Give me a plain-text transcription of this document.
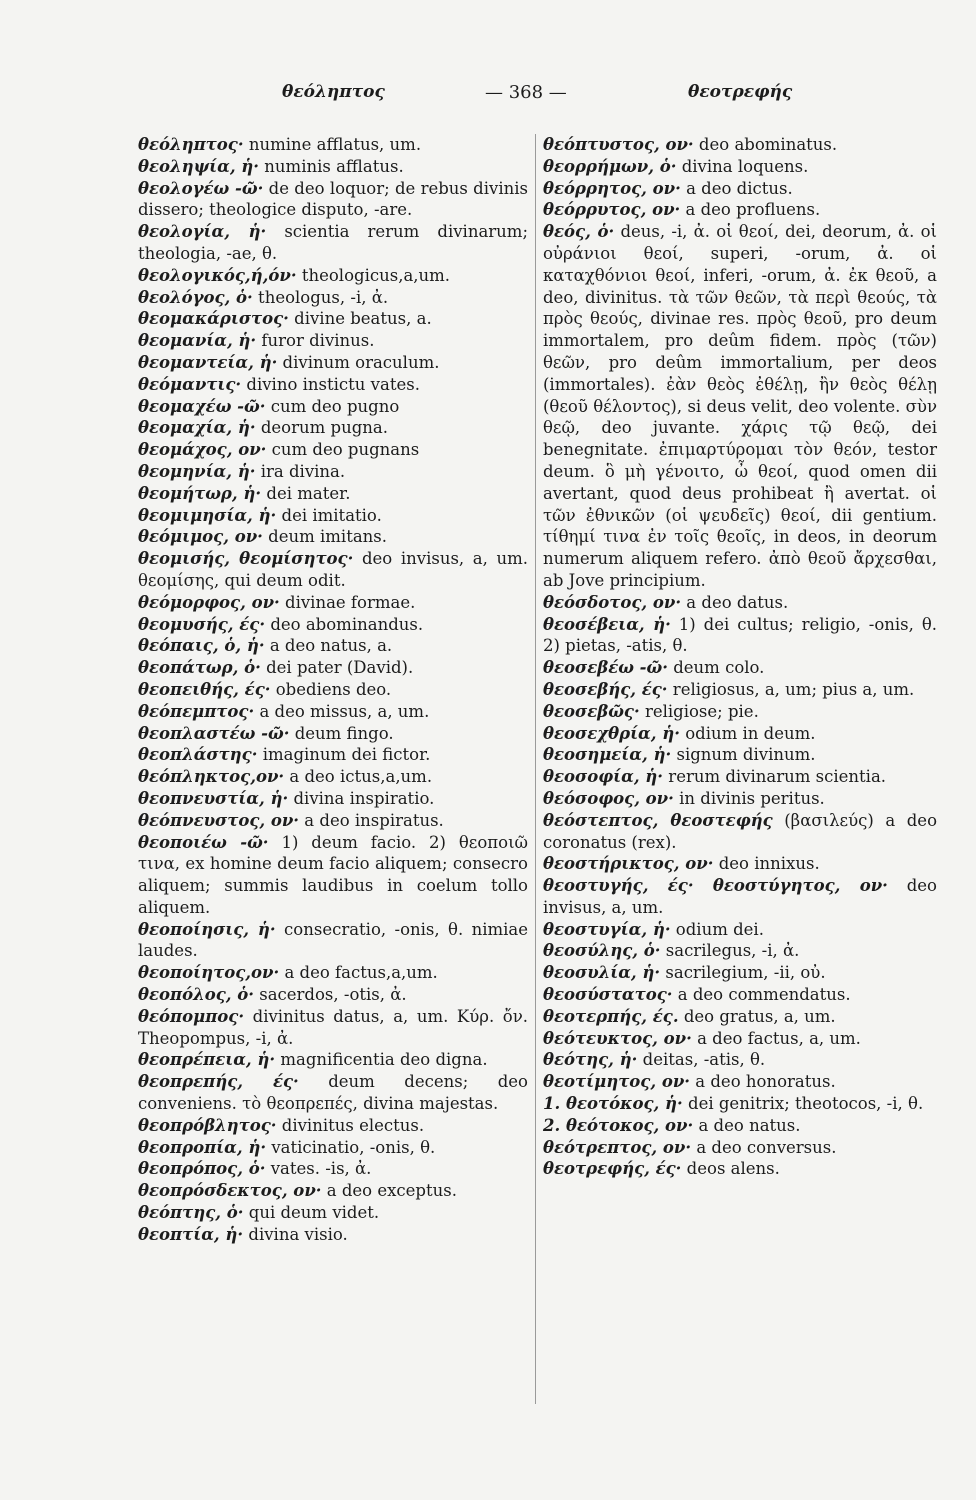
θεόληπτος	— 368 —	θεοτρεφής

θεόληπτος· numine afflatus, um.

θεοληψία, ἡ· numinis afflatus.

θεολογέω -ῶ· de deo loquor; de rebus divinis dissero; theologice disputo, -are.

θεολογία, ἡ· scientia rerum divinarum; theologia, -ae, θ.

θεολογικός,ή,όν· theologicus,a,um.

θεολόγος, ὁ· theologus, -i, ἀ.

θεομακάριστος· divine beatus, a.

θεομανία, ἡ· furor divinus.

θεομαντεία, ἡ· divinum oraculum.

θεόμαντις· divino instictu vates.

θεομαχέω -ῶ· cum deo pugno

θεομαχία, ἡ· deorum pugna.

θεομάχος, ον· cum deo pugnans

θεομηνία, ἡ· ira divina.

θεομήτωρ, ἡ· dei mater.

θεομιμησία, ἡ· dei imitatio.

θεόμιμος, ον· deum imitans.

θεομισής, θεομίσητος· deo invisus, a, um. θεομίσης, qui deum odit.

θεόμορφος, ον· divinae formae.

θεομυσής, ές· deo abominandus.

θεόπαις, ὁ, ἡ· a deo natus, a.

θεοπάτωρ, ὁ· dei pater (David).

θεοπειθής, ές· obediens deo.

θεόπεμπτος· a deo missus, a, um.

θεοπλαστέω -ῶ· deum fingo.

θεοπλάστης· imaginum dei fictor.

θεόπληκτος,ον· a deo ictus,a,um.

θεοπνευστία, ἡ· divina inspiratio.

θεόπνευστος, ον· a deo inspiratus.

θεοποιέω -ῶ· 1) deum facio. 2) θεοποιῶ τινα, ex homine deum facio aliquem; consecro aliquem; summis laudibus in coelum tollo aliquem.

θεοποίησις, ἡ· consecratio, -onis, θ. nimiae laudes.

θεοποίητος,ον· a deo factus,a,um.

θεοπόλος, ὁ· sacerdos, -otis, ἀ.

θεόπομπος· divinitus datus, a, um. Κύρ. ὄν. Theopompus, -i, ἀ.

θεοπρέπεια, ἡ· magnificentia deo digna.

θεοπρεπής, ές· deum decens; deo conveniens. τὸ θεοπρεπές, divina majestas.

θεοπρόβλητος· divinitus electus.

θεοπροπία, ἡ· vaticinatio, -onis, θ.

θεοπρόπος, ὁ· vates. -is, ἀ.

θεοπρόσδεκτος, ον· a deo exceptus.

θεόπτης, ὁ· qui deum videt.

θεοπτία, ἡ· divina visio.

θεόπτυστος, ον· deo abominatus.

θεορρήμων, ὁ· divina loquens.

θεόρρητος, ον· a deo dictus.

θεόρρυτος, ον· a deo profluens.

θεός, ὁ· deus, -i, ἀ. οἱ θεοί, dei, deorum, ἀ. οἱ οὐράνιοι θεοί, superi, -orum, ἀ. οἱ καταχθόνιοι θεοί, inferi, -orum, ἀ. ἐκ θεοῦ, a deo, divinitus. τὰ τῶν θεῶν, τὰ περὶ θεούς, τὰ πρὸς θεούς, divinae res. πρὸς θεοῦ, pro deum immortalem, pro deûm fidem. πρὸς (τῶν) θεῶν, pro deûm immortalium, per deos (immortales). ἐὰν θεὸς ἐθέλῃ, ἢν θεὸς θέλῃ (θεοῦ θέλοντος), si deus velit, deo volente. σὺν θεῷ, deo juvante. χάρις τῷ θεῷ, dei benegnitate. ἐπιμαρτύρομαι τὸν θεόν, testor deum. ὃ μὴ γένοιτο, ὦ θεοί, quod omen dii avertant, quod deus prohibeat ἢ avertat. οἱ τῶν ἐθνικῶν (οἱ ψευδεῖς) θεοί, dii gentium. τίθημί τινα ἐν τοῖς θεοῖς, in deos, in deorum numerum aliquem refero. ἀπὸ θεοῦ ἄρχεσθαι, ab Jove principium.

θεόσδοτος, ον· a deo datus.

θεοσέβεια, ἡ· 1) dei cultus; religio, -onis, θ. 2) pietas, -atis, θ.

θεοσεβέω -ῶ· deum colo.

θεοσεβής, ές· religiosus, a, um; pius a, um.

θεοσεβῶς· religiose; pie.

θεοσεχθρία, ἡ· odium in deum.

θεοσημεία, ἡ· signum divinum.

θεοσοφία, ἡ· rerum divinarum scientia.

θεόσοφος, ον· in divinis peritus.

θεόστεπτος, θεοστεφής (βασιλεύς) a deo coronatus (rex).

θεοστήρικτος, ον· deo innixus.

θεοστυγής, ές· θεοστύγητος, ον· deo invisus, a, um.

θεοστυγία, ἡ· odium dei.

θεοσύλης, ὁ· sacrilegus, -i, ἀ.

θεοσυλία, ἡ· sacrilegium, -ii, οὐ.

θεοσύστατος· a deo commendatus.

θεοτερπής, ές. deo gratus, a, um.

θεότευκτος, ον· a deo factus, a, um.

θεότης, ἡ· deitas, -atis, θ.

θεοτίμητος, ον· a deo honoratus.

1. θεοτόκος, ἡ· dei genitrix; theotocos, -i, θ.

2. θεότοκος, ον· a deo natus.

θεότρεπτος, ον· a deo conversus.

θεοτρεφής, ές· deos alens.
